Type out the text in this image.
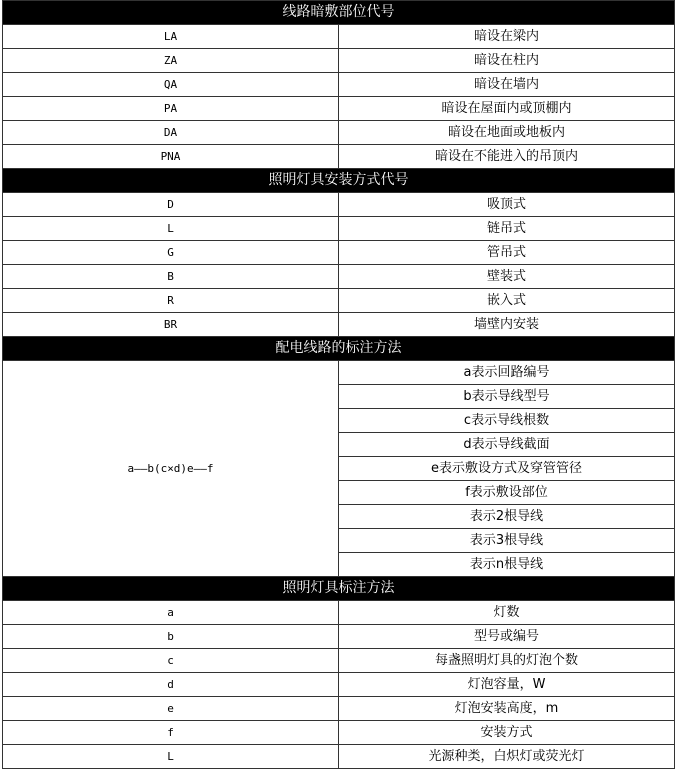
线路暗敷部位代号	
LA	暗设在梁内
ZA	暗设在柱内
QA	暗设在墙内
PA	暗设在屋面内或顶棚内
DA	暗设在地面或地板内
PNA	暗设在不能进入的吊顶内
照明灯具安装方式代号	
D	吸顶式
L	链吊式
G	管吊式
B	壁装式
R	嵌入式
BR	墙壁内安装
配电线路的标注方法	
a——b(c×d)e——f	a表示回路编号
	b表示导线型号
	c表示导线根数
	d表示导线截面
	e表示敷设方式及穿管管径
	f表示敷设部位
	表示2根导线
	表示3根导线
	表示n根导线
照明灯具标注方法	
a	灯数
b	型号或编号
c	每盏照明灯具的灯泡个数
d	灯泡容量，W
e	灯泡安装高度，m
f	安装方式
L	光源种类，白炽灯或荧光灯
